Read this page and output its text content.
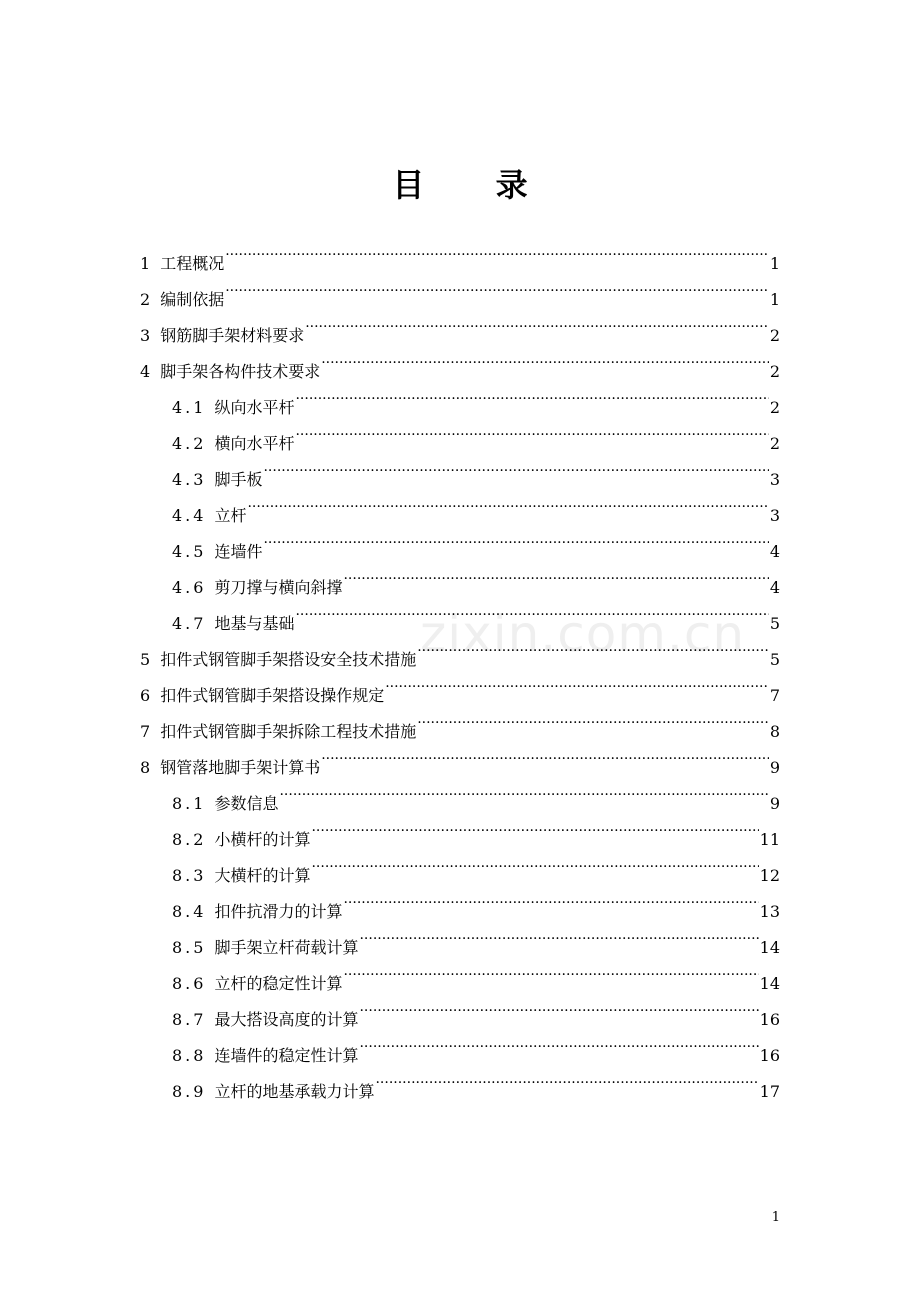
目 录
zixin.com.cn
1 工程概况 .....	1
2 编制依据 .....	1
3 钢筋脚手架材料要求 .....	2
4 脚手架各构件技术要求 .....	2
4.1 纵向水平杆 .....	2
4.2 横向水平杆 .....	2
4.3 脚手板 .....	3
4.4 立杆 .....	3
4.5 连墙件 .....	4
4.6 剪刀撑与横向斜撑 .....	4
4.7 地基与基础 .....	5
5 扣件式钢管脚手架搭设安全技术措施 .....	5
6 扣件式钢管脚手架搭设操作规定 .....	7
7 扣件式钢管脚手架拆除工程技术措施 .....	8
8 钢管落地脚手架计算书 .....	9
8.1 参数信息 .....	9
8.2 小横杆的计算 .....	11
8.3 大横杆的计算 .....	12
8.4 扣件抗滑力的计算 .....	13
8.5 脚手架立杆荷载计算 .....	14
8.6 立杆的稳定性计算 .....	14
8.7 最大搭设高度的计算 .....	16
8.8 连墙件的稳定性计算 .....	16
8.9 立杆的地基承载力计算 .....	17
1
